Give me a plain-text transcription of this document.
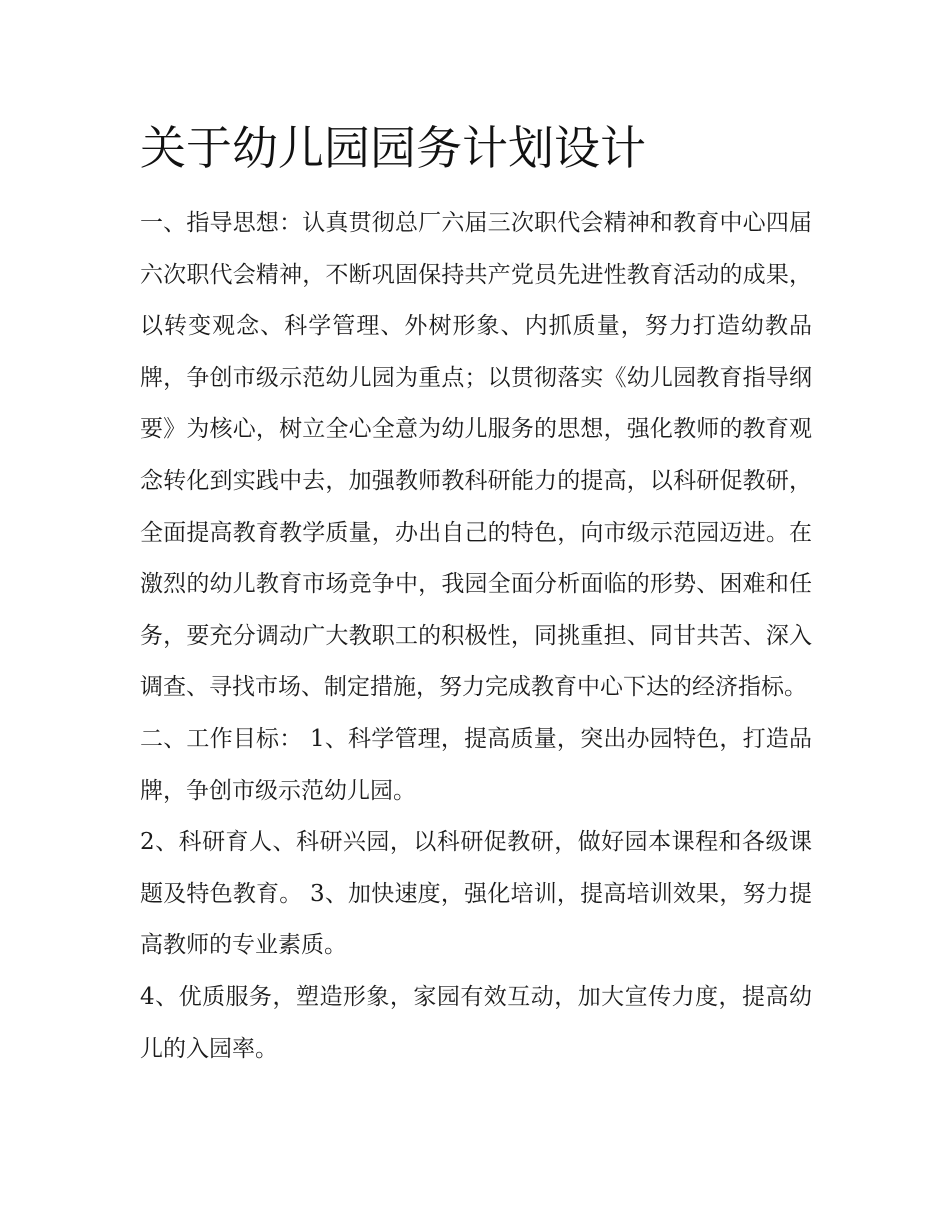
关于幼儿园园务计划设计

一、指导思想：认真贯彻总厂六届三次职代会精神和教育中心四届六次职代会精神，不断巩固保持共产党员先进性教育活动的成果，以转变观念、科学管理、外树形象、内抓质量，努力打造幼教品牌，争创市级示范幼儿园为重点；以贯彻落实《幼儿园教育指导纲要》为核心，树立全心全意为幼儿服务的思想，强化教师的教育观念转化到实践中去，加强教师教科研能力的提高，以科研促教研，全面提高教育教学质量，办出自己的特色，向市级示范园迈进。在激烈的幼儿教育市场竞争中，我园全面分析面临的形势、困难和任务，要充分调动广大教职工的积极性，同挑重担、同甘共苦、深入调查、寻找市场、制定措施，努力完成教育中心下达的经济指标。

二、工作目标： 1、科学管理，提高质量，突出办园特色，打造品牌，争创市级示范幼儿园。

2、科研育人、科研兴园，以科研促教研，做好园本课程和各级课题及特色教育。 3、加快速度，强化培训，提高培训效果，努力提高教师的专业素质。

4、优质服务，塑造形象，家园有效互动，加大宣传力度，提高幼儿的入园率。
